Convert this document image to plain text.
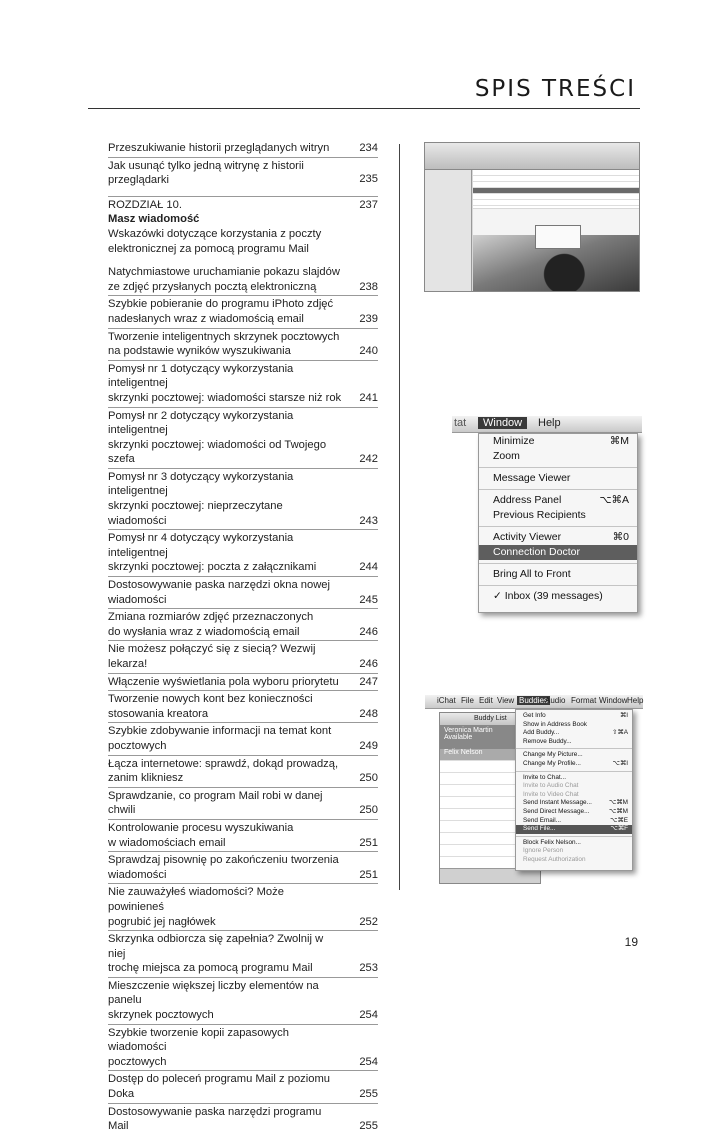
SPIS TREŚCI
Przeszukiwanie historii przeglądanych witryn	234
Jak usunąć tylko jedną witrynę z historii
przeglądarki	235
ROZDZIAŁ 10.	237
Masz wiadomość
Wskazówki dotyczące korzystania z poczty
elektronicznej za pomocą programu Mail
Natychmiastowe uruchamianie pokazu slajdów
ze zdjęć przysłanych pocztą elektroniczną	238
Szybkie pobieranie do programu iPhoto zdjęć
nadesłanych wraz z wiadomością email	239
Tworzenie inteligentnych skrzynek pocztowych
na podstawie wyników wyszukiwania	240
Pomysł nr 1 dotyczący wykorzystania inteligentnej
skrzynki pocztowej: wiadomości starsze niż rok 241
Pomysł nr 2 dotyczący wykorzystania inteligentnej
skrzynki pocztowej: wiadomości od Twojego szefa	242
Pomysł nr 3 dotyczący wykorzystania inteligentnej
skrzynki pocztowej: nieprzeczytane wiadomości	243
Pomysł nr 4 dotyczący wykorzystania inteligentnej
skrzynki pocztowej: poczta z załącznikami	244
Dostosowywanie paska narzędzi okna nowej
wiadomości	245
Zmiana rozmiarów zdjęć przeznaczonych
do wysłania wraz z wiadomością email	246
Nie możesz połączyć się z siecią? Wezwij
lekarza!	246
Włączenie wyświetlania pola wyboru priorytetu 247
Tworzenie nowych kont bez konieczności
stosowania kreatora	248
Szybkie zdobywanie informacji na temat kont
pocztowych	249
Łącza internetowe: sprawdź, dokąd prowadzą,
zanim klikniesz	250
Sprawdzanie, co program Mail robi w danej chwili	250
Kontrolowanie procesu wyszukiwania
w wiadomościach email	251
Sprawdzaj pisownię po zakończeniu tworzenia
wiadomości	251
Nie zauważyłeś wiadomości? Może powinieneś
pogrubić jej nagłówek	252
Skrzynka odbiorcza się zapełnia? Zwolnij w niej
trochę miejsca za pomocą programu Mail	253
Mieszczenie większej liczby elementów na panelu
skrzynek pocztowych	254
Szybkie tworzenie kopii zapasowych wiadomości
pocztowych	254
Dostęp do poleceń programu Mail z poziomu
Doka	255
Dostosowywanie paska narzędzi programu Mail	255
tat	Window	Help
Minimize	⌘M
Zoom
Message Viewer
Address Panel	⌥⌘A
Previous Recipients
Activity Viewer	⌘0
Connection Doctor
Bring All to Front
✓ Inbox (39 messages)
iChat File Edit View Buddies
Audio Format Window Help
Buddy List
Veronica Martin
Available
Felix Nelson
Get Info	⌘I
Show in Address Book
Add Buddy...	⇧⌘A
Remove Buddy...
Change My Picture...
Change My Profile...	⌥⌘I
Invite to Chat...
Invite to Audio Chat
Invite to Video Chat
Send Instant Message...	⌥⌘M
Send Direct Message...	⌥⌘M
Send Email...	⌥⌘E
Send File...	⌥⌘F
Block Felix Nelson...
Ignore Person
Request Authorization
19
